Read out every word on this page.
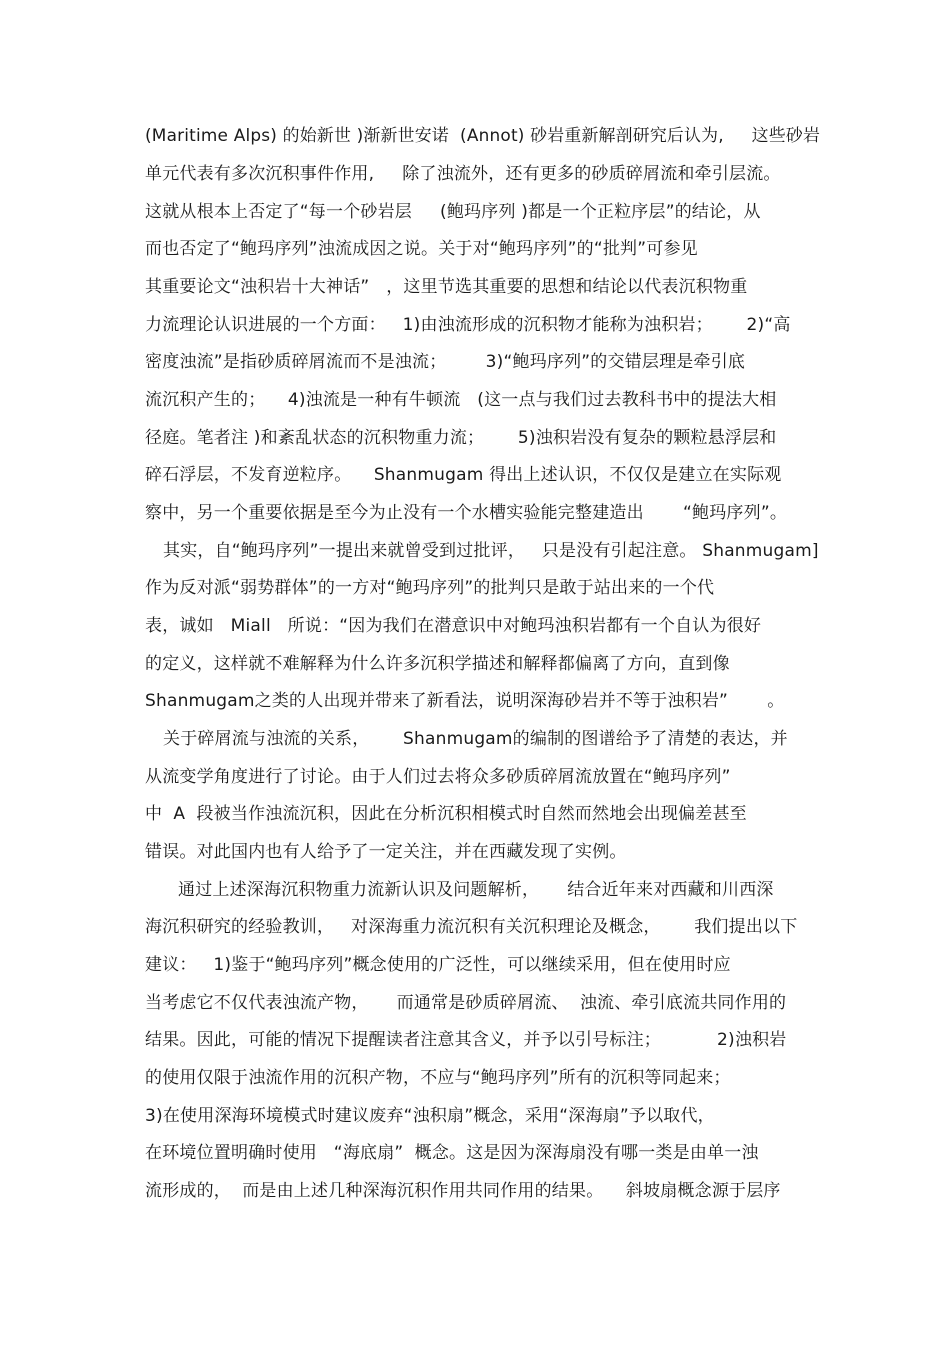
(Maritime Alps) 的始新世 )渐新世安诺  (Annot) 砂岩重新解剖研究后认为,     这些砂岩
单元代表有多次沉积事件作用,     除了浊流外，还有更多的砂质碎屑流和牵引层流。
这就从根本上否定了“每一个砂岩层     (鲍玛序列 )都是一个正粒序层”的结论，从
而也否定了“鲍玛序列”浊流成因之说。关于对“鲍玛序列”的“批判”可参见
其重要论文“浊积岩十大神话”   ，这里节选其重要的思想和结论以代表沉积物重
力流理论认识进展的一个方面：   1)由浊流形成的沉积物才能称为浊积岩；      2)“高
密度浊流”是指砂质碎屑流而不是浊流；       3)“鲍玛序列”的交错层理是牵引底
流沉积产生的；    4)浊流是一种有牛顿流   (这一点与我们过去教科书中的提法大相
径庭。笔者注 )和紊乱状态的沉积物重力流；      5)浊积岩没有复杂的颗粒悬浮层和
碎石浮层，不发育逆粒序。    Shanmugam 得出上述认识，不仅仅是建立在实际观
察中，另一个重要依据是至今为止没有一个水槽实验能完整建造出       “鲍玛序列”。
其实，自“鲍玛序列”一提出来就曾受到过批评，   只是没有引起注意。 Shanmugam]
作为反对派“弱势群体”的一方对“鲍玛序列”的批判只是敢于站出来的一个代
表，诚如   Miall   所说：“因为我们在潜意识中对鲍玛浊积岩都有一个自认为很好
的定义，这样就不难解释为什么许多沉积学描述和解释都偏离了方向，直到像
Shanmugam之类的人出现并带来了新看法，说明深海砂岩并不等于浊积岩”       。
关于碎屑流与浊流的关系，      Shanmugam的编制的图谱给予了清楚的表达，并
从流变学角度进行了讨论。由于人们过去将众多砂质碎屑流放置在“鲍玛序列”
中  A  段被当作浊流沉积，因此在分析沉积相模式时自然而然地会出现偏差甚至
错误。对此国内也有人给予了一定关注，并在西藏发现了实例。
通过上述深海沉积物重力流新认识及问题解析，     结合近年来对西藏和川西深
海沉积研究的经验教训，   对深海重力流沉积有关沉积理论及概念，      我们提出以下
建议：   1)鉴于“鲍玛序列”概念使用的广泛性，可以继续采用，但在使用时应
当考虑它不仅代表浊流产物，     而通常是砂质碎屑流、  浊流、牵引底流共同作用的
结果。因此，可能的情况下提醒读者注意其含义，并予以引号标注；          2)浊积岩
的使用仅限于浊流作用的沉积产物，不应与“鲍玛序列”所有的沉积等同起来；
3)在使用深海环境模式时建议废弃“浊积扇”概念，采用“深海扇”予以取代，
在环境位置明确时使用   “海底扇”  概念。这是因为深海扇没有哪一类是由单一浊
流形成的，  而是由上述几种深海沉积作用共同作用的结果。    斜坡扇概念源于层序
